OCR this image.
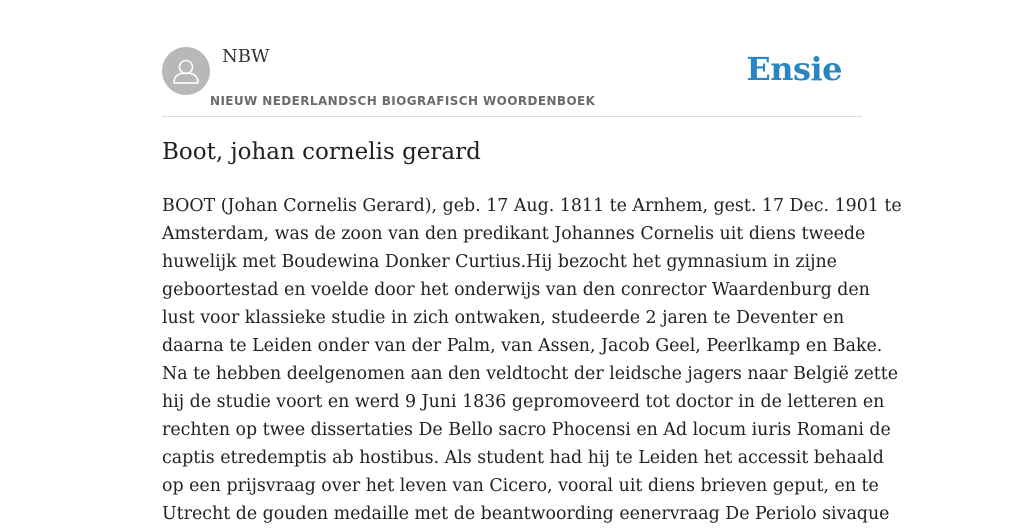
NBW
NIEUW NEDERLANDSCH BIOGRAFISCH WOORDENBOEK
Ensie
Boot, johan cornelis gerard
BOOT (Johan Cornelis Gerard), geb. 17 Aug. 1811 te Arnhem, gest. 17 Dec. 1901 te
Amsterdam, was de zoon van den predikant Johannes Cornelis uit diens tweede
huwelijk met Boudewina Donker Curtius.Hij bezocht het gymnasium in zijne
geboortestad en voelde door het onderwijs van den conrector Waardenburg den
lust voor klassieke studie in zich ontwaken, studeerde 2 jaren te Deventer en
daarna te Leiden onder van der Palm, van Assen, Jacob Geel, Peerlkamp en Bake.
Na te hebben deelgenomen aan den veldtocht der leidsche jagers naar België zette
hij de studie voort en werd 9 Juni 1836 gepromoveerd tot doctor in de letteren en
rechten op twee dissertaties De Bello sacro Phocensi en Ad locum iuris Romani de
captis etredemptis ab hostibus. Als student had hij te Leiden het accessit behaald
op een prijsvraag over het leven van Cicero, vooral uit diens brieven geput, en te
Utrecht de gouden medaille met de beantwoording eenervraag De Periolo sivaque
